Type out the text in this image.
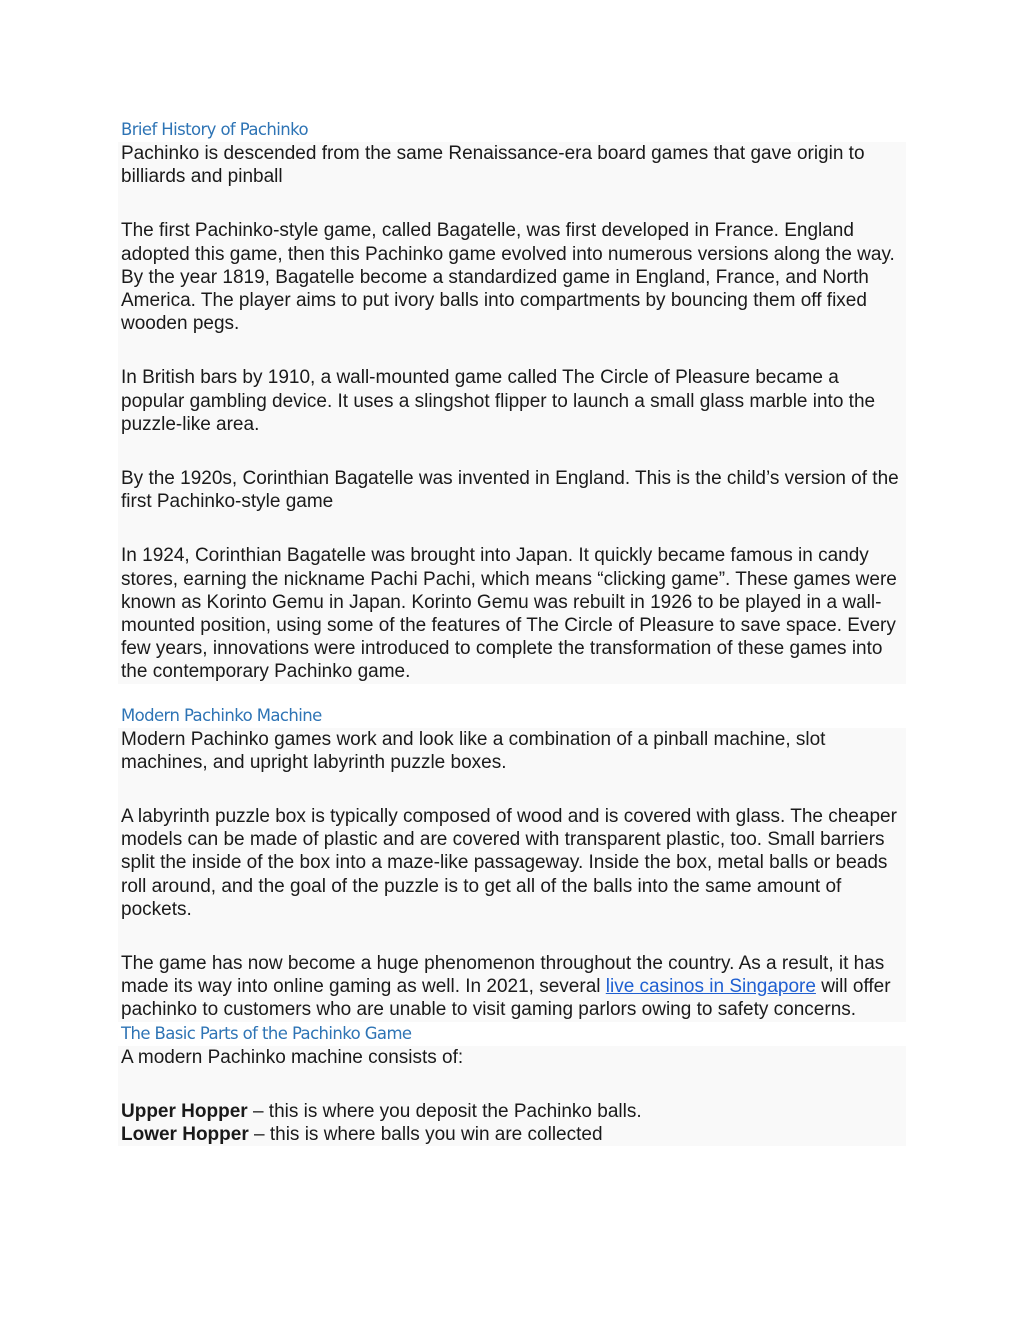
Brief History of Pachinko

Pachinko is descended from the same Renaissance-era board games that gave origin to billiards and pinball

The first Pachinko-style game, called Bagatelle, was first developed in France. England adopted this game, then this Pachinko game evolved into numerous versions along the way. By the year 1819, Bagatelle become a standardized game in England, France, and North America. The player aims to put ivory balls into compartments by bouncing them off fixed wooden pegs.

In British bars by 1910, a wall-mounted game called The Circle of Pleasure became a popular gambling device. It uses a slingshot flipper to launch a small glass marble into the puzzle-like area.

By the 1920s, Corinthian Bagatelle was invented in England. This is the child’s version of the first Pachinko-style game

In 1924, Corinthian Bagatelle was brought into Japan. It quickly became famous in candy stores, earning the nickname Pachi Pachi, which means “clicking game”. These games were known as Korinto Gemu in Japan. Korinto Gemu was rebuilt in 1926 to be played in a wall-mounted position, using some of the features of The Circle of Pleasure to save space. Every few years, innovations were introduced to complete the transformation of these games into the contemporary Pachinko game.

Modern Pachinko Machine

Modern Pachinko games work and look like a combination of a pinball machine, slot machines, and upright labyrinth puzzle boxes.

A labyrinth puzzle box is typically composed of wood and is covered with glass. The cheaper models can be made of plastic and are covered with transparent plastic, too. Small barriers split the inside of the box into a maze-like passageway. Inside the box, metal balls or beads roll around, and the goal of the puzzle is to get all of the balls into the same amount of pockets.

The game has now become a huge phenomenon throughout the country. As a result, it has made its way into online gaming as well. In 2021, several live casinos in Singapore will offer pachinko to customers who are unable to visit gaming parlors owing to safety concerns.

The Basic Parts of the Pachinko Game

A modern Pachinko machine consists of:

Upper Hopper – this is where you deposit the Pachinko balls.

Lower Hopper – this is where balls you win are collected
